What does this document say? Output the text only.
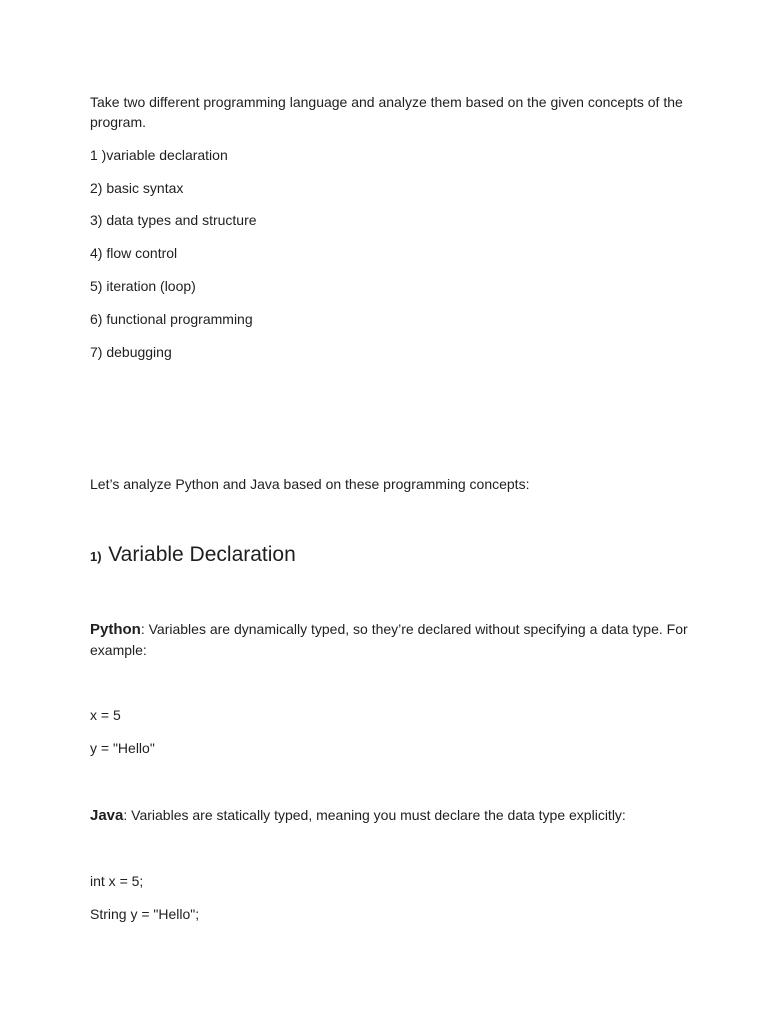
Take two different programming language and analyze them based on the given concepts of the program.

1 )variable declaration

2) basic syntax

3) data types and structure

4) flow control

5) iteration (loop)

6) functional programming

7) debugging

Let’s analyze Python and Java based on these programming concepts:

1) Variable Declaration

Python: Variables are dynamically typed, so they’re declared without specifying a data type. For example:

x = 5

y = "Hello"

Java: Variables are statically typed, meaning you must declare the data type explicitly:

int x = 5;

String y = "Hello";
